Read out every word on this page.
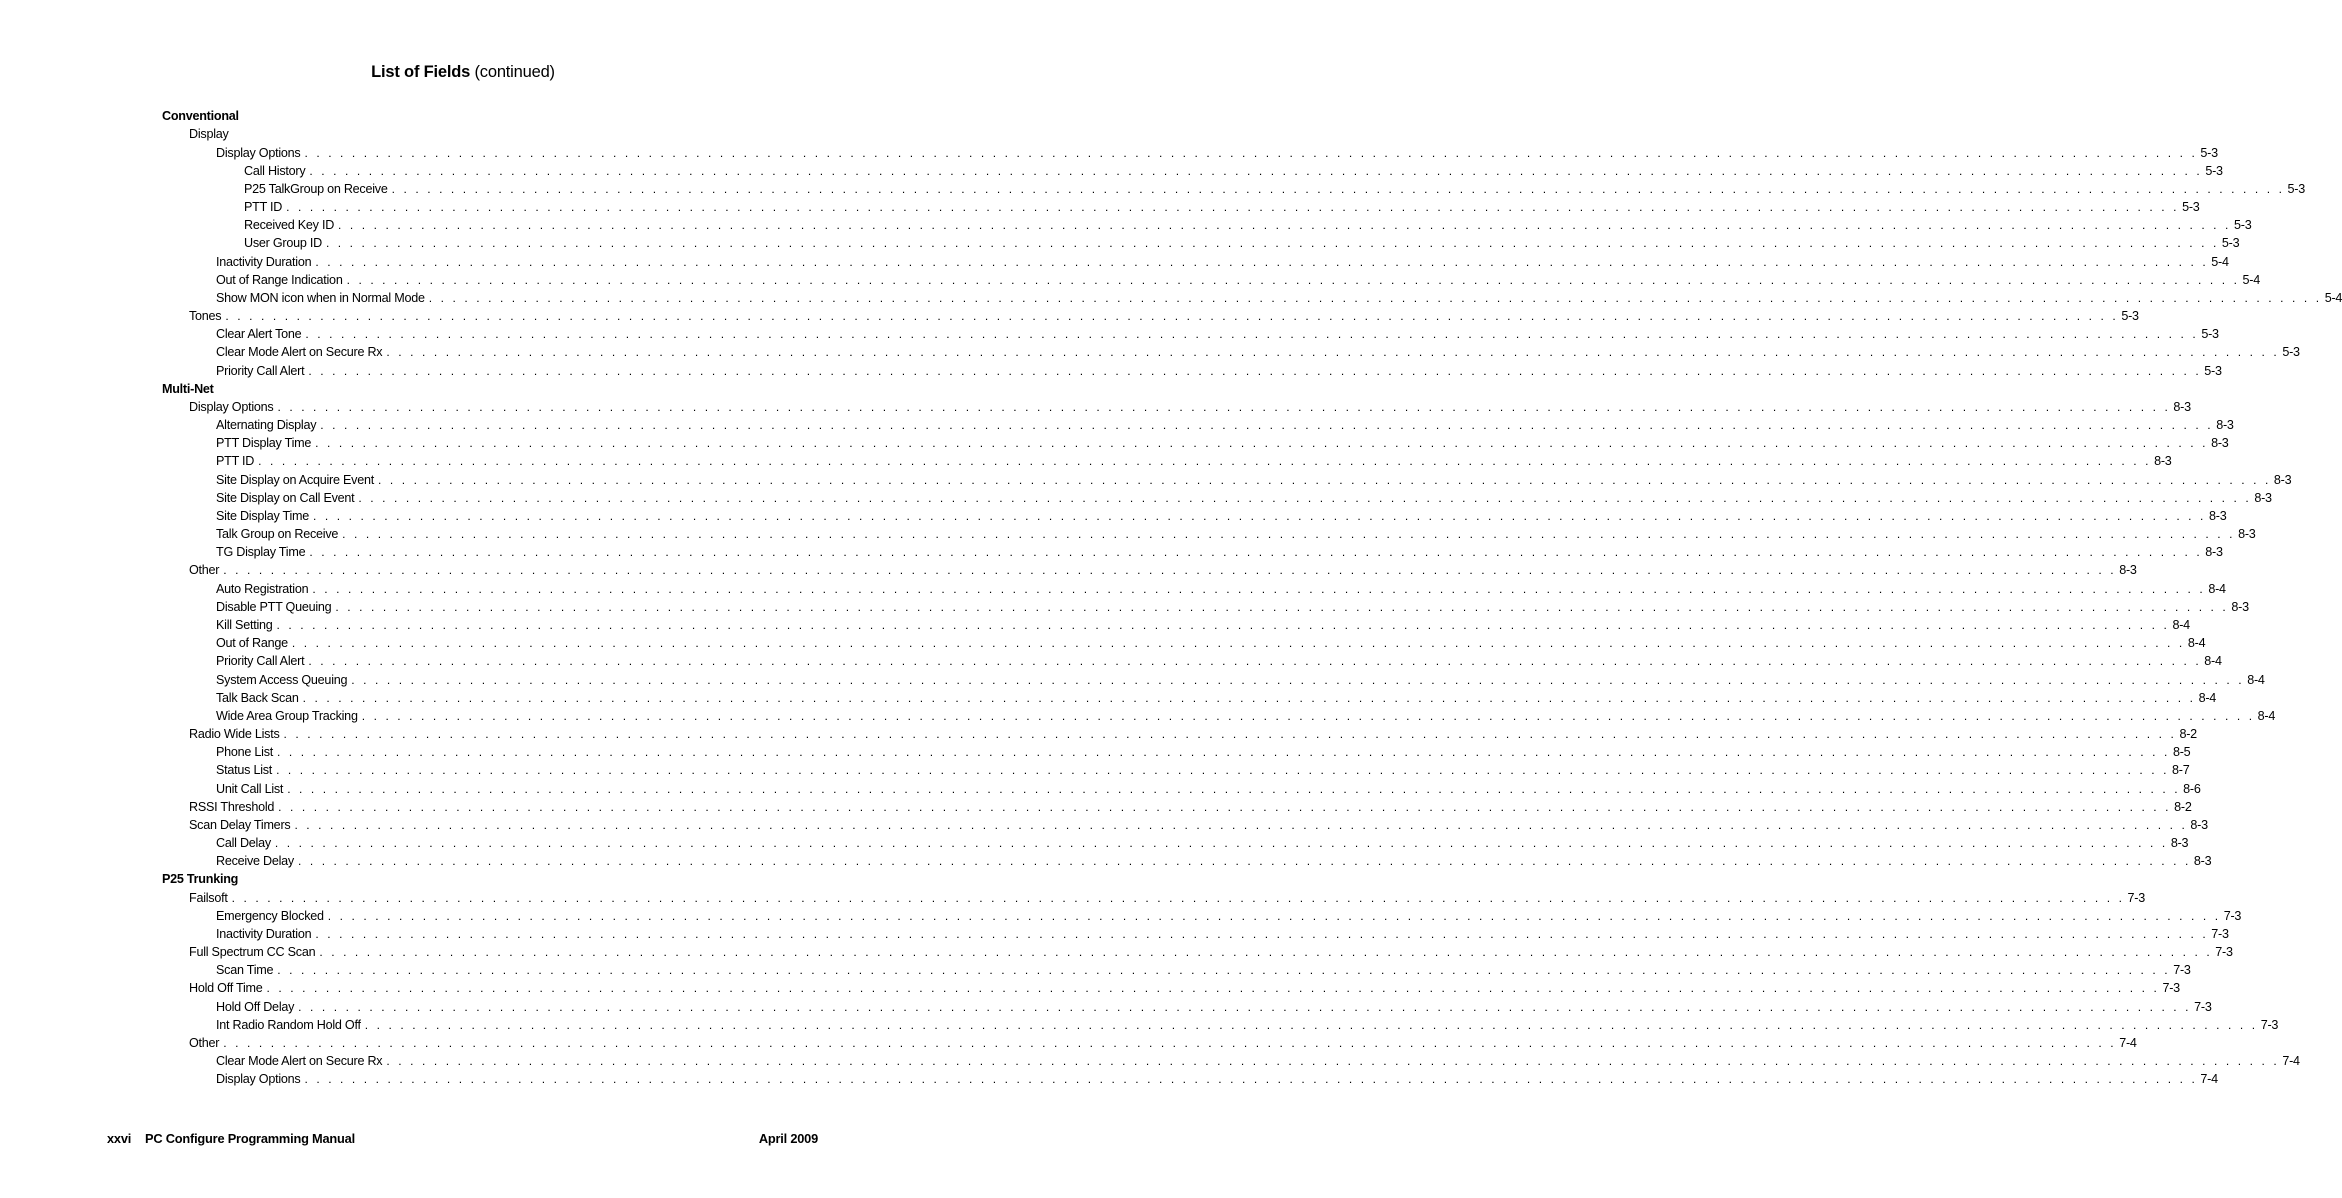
List of Fields (continued)
Conventional
Display
Display Options . . . . . . . . . . . . . . . . . . . . . . . . . . . . . . . . . . . . . . . . . . . . . . . . . . . . . . . . . . . . . . . . . . . . . . . . . . . . . . . . . . . . . . . . . . . . . . . . . . . . . . . . . . . . . . . . . . . . . . . . . . . . . . . . . . . . . . . . . . . . . . . . . . . . . . . . . . . . . . . . 5-3
Call History . . . . . . . . . . . . . . . . . . . . . . . . . . . . . . . . . . . . . . . . . . . . . . . . . . . . . . . . . . . . . . . . . . . . . . . . . . . . . . . . . . . . . . . . . . . . . . . . . . . . . . . . . . . . . . . . . . . . . . . . . . . . . . . . . . . . . . . . . . . . . . . . . . . . . . . . . . . . . . . . 5-3
P25 TalkGroup on Receive . . . . . . . . . . . . . . . . . . . . . . . . . . . . . . . . . . . . . . . . . . . . . . . . . . . . . . . . . . . . . . . . . . . . . . . . . . . . . . . . . . . . . . . . . . . . . . . . . . . . . . . . . . . . . . . . . . . . . . . . . . . . . . . . . . . . . . . . . . . . . . . . . . . . . . . . . . . . . . . . 5-3
PTT ID . . . . . . . . . . . . . . . . . . . . . . . . . . . . . . . . . . . . . . . . . . . . . . . . . . . . . . . . . . . . . . . . . . . . . . . . . . . . . . . . . . . . . . . . . . . . . . . . . . . . . . . . . . . . . . . . . . . . . . . . . . . . . . . . . . . . . . . . . . . . . . . . . . . . . . . . . . . . . . . . 5-3
Received Key ID . . . . . . . . . . . . . . . . . . . . . . . . . . . . . . . . . . . . . . . . . . . . . . . . . . . . . . . . . . . . . . . . . . . . . . . . . . . . . . . . . . . . . . . . . . . . . . . . . . . . . . . . . . . . . . . . . . . . . . . . . . . . . . . . . . . . . . . . . . . . . . . . . . . . . . . . . . . . . . . . 5-3
User Group ID . . . . . . . . . . . . . . . . . . . . . . . . . . . . . . . . . . . . . . . . . . . . . . . . . . . . . . . . . . . . . . . . . . . . . . . . . . . . . . . . . . . . . . . . . . . . . . . . . . . . . . . . . . . . . . . . . . . . . . . . . . . . . . . . . . . . . . . . . . . . . . . . . . . . . . . . . . . . . . . . 5-3
Inactivity Duration . . . . . . . . . . . . . . . . . . . . . . . . . . . . . . . . . . . . . . . . . . . . . . . . . . . . . . . . . . . . . . . . . . . . . . . . . . . . . . . . . . . . . . . . . . . . . . . . . . . . . . . . . . . . . . . . . . . . . . . . . . . . . . . . . . . . . . . . . . . . . . . . . . . . . . . . . . . . . . . . 5-4
Out of Range Indication . . . . . . . . . . . . . . . . . . . . . . . . . . . . . . . . . . . . . . . . . . . . . . . . . . . . . . . . . . . . . . . . . . . . . . . . . . . . . . . . . . . . . . . . . . . . . . . . . . . . . . . . . . . . . . . . . . . . . . . . . . . . . . . . . . . . . . . . . . . . . . . . . . . . . . . . . . . . . . . . 5-4
Show MON icon when in Normal Mode . . . . . . . . . . . . . . . . . . . . . . . . . . . . . . . . . . . . . . . . . . . . . . . . . . . . . . . . . . . . . . . . . . . . . . . . . . . . . . . . . . . . . . . . . . . . . . . . . . . . . . . . . . . . . . . . . . . . . . . . . . . . . . . . . . . . . . . . . . . . . . . . . . . . . . . . . . . . . . . . 5-4
Tones . . . . . . . . . . . . . . . . . . . . . . . . . . . . . . . . . . . . . . . . . . . . . . . . . . . . . . . . . . . . . . . . . . . . . . . . . . . . . . . . . . . . . . . . . . . . . . . . . . . . . . . . . . . . . . . . . . . . . . . . . . . . . . . . . . . . . . . . . . . . . . . . . . . . . . . . . . . . . . . . 5-3
Clear Alert Tone . . . . . . . . . . . . . . . . . . . . . . . . . . . . . . . . . . . . . . . . . . . . . . . . . . . . . . . . . . . . . . . . . . . . . . . . . . . . . . . . . . . . . . . . . . . . . . . . . . . . . . . . . . . . . . . . . . . . . . . . . . . . . . . . . . . . . . . . . . . . . . . . . . . . . . . . . . . . . . . . 5-3
Clear Mode Alert on Secure Rx . . . . . . . . . . . . . . . . . . . . . . . . . . . . . . . . . . . . . . . . . . . . . . . . . . . . . . . . . . . . . . . . . . . . . . . . . . . . . . . . . . . . . . . . . . . . . . . . . . . . . . . . . . . . . . . . . . . . . . . . . . . . . . . . . . . . . . . . . . . . . . . . . . . . . . . . . . . . . . . . 5-3
Priority Call Alert . . . . . . . . . . . . . . . . . . . . . . . . . . . . . . . . . . . . . . . . . . . . . . . . . . . . . . . . . . . . . . . . . . . . . . . . . . . . . . . . . . . . . . . . . . . . . . . . . . . . . . . . . . . . . . . . . . . . . . . . . . . . . . . . . . . . . . . . . . . . . . . . . . . . . . . . . . . . . . . . 5-3
Multi-Net
Display Options . . . . . . . . . . . . . . . . . . . . . . . . . . . . . . . . . . . . . . . . . . . . . . . . . . . . . . . . . . . . . . . . . . . . . . . . . . . . . . . . . . . . . . . . . . . . . . . . . . . . . . . . . . . . . . . . . . . . . . . . . . . . . . . . . . . . . . . . . . . . . . . . . . . . . . . . . . . . . . . . 8-3
Alternating Display . . . . . . . . . . . . . . . . . . . . . . . . . . . . . . . . . . . . . . . . . . . . . . . . . . . . . . . . . . . . . . . . . . . . . . . . . . . . . . . . . . . . . . . . . . . . . . . . . . . . . . . . . . . . . . . . . . . . . . . . . . . . . . . . . . . . . . . . . . . . . . . . . . . . . . . . . . . . . . . . 8-3
PTT Display Time . . . . . . . . . . . . . . . . . . . . . . . . . . . . . . . . . . . . . . . . . . . . . . . . . . . . . . . . . . . . . . . . . . . . . . . . . . . . . . . . . . . . . . . . . . . . . . . . . . . . . . . . . . . . . . . . . . . . . . . . . . . . . . . . . . . . . . . . . . . . . . . . . . . . . . . . . . . . . . . . 8-3
PTT ID . . . . . . . . . . . . . . . . . . . . . . . . . . . . . . . . . . . . . . . . . . . . . . . . . . . . . . . . . . . . . . . . . . . . . . . . . . . . . . . . . . . . . . . . . . . . . . . . . . . . . . . . . . . . . . . . . . . . . . . . . . . . . . . . . . . . . . . . . . . . . . . . . . . . . . . . . . . . . . . . 8-3
Site Display on Acquire Event . . . . . . . . . . . . . . . . . . . . . . . . . . . . . . . . . . . . . . . . . . . . . . . . . . . . . . . . . . . . . . . . . . . . . . . . . . . . . . . . . . . . . . . . . . . . . . . . . . . . . . . . . . . . . . . . . . . . . . . . . . . . . . . . . . . . . . . . . . . . . . . . . . . . . . . . . . . . . . . . 8-3
Site Display on Call Event . . . . . . . . . . . . . . . . . . . . . . . . . . . . . . . . . . . . . . . . . . . . . . . . . . . . . . . . . . . . . . . . . . . . . . . . . . . . . . . . . . . . . . . . . . . . . . . . . . . . . . . . . . . . . . . . . . . . . . . . . . . . . . . . . . . . . . . . . . . . . . . . . . . . . . . . . . . . . . . . 8-3
Site Display Time . . . . . . . . . . . . . . . . . . . . . . . . . . . . . . . . . . . . . . . . . . . . . . . . . . . . . . . . . . . . . . . . . . . . . . . . . . . . . . . . . . . . . . . . . . . . . . . . . . . . . . . . . . . . . . . . . . . . . . . . . . . . . . . . . . . . . . . . . . . . . . . . . . . . . . . . . . . . . . . . 8-3
Talk Group on Receive . . . . . . . . . . . . . . . . . . . . . . . . . . . . . . . . . . . . . . . . . . . . . . . . . . . . . . . . . . . . . . . . . . . . . . . . . . . . . . . . . . . . . . . . . . . . . . . . . . . . . . . . . . . . . . . . . . . . . . . . . . . . . . . . . . . . . . . . . . . . . . . . . . . . . . . . . . . . . . . . 8-3
TG Display Time . . . . . . . . . . . . . . . . . . . . . . . . . . . . . . . . . . . . . . . . . . . . . . . . . . . . . . . . . . . . . . . . . . . . . . . . . . . . . . . . . . . . . . . . . . . . . . . . . . . . . . . . . . . . . . . . . . . . . . . . . . . . . . . . . . . . . . . . . . . . . . . . . . . . . . . . . . . . . . . . 8-3
Other . . . . . . . . . . . . . . . . . . . . . . . . . . . . . . . . . . . . . . . . . . . . . . . . . . . . . . . . . . . . . . . . . . . . . . . . . . . . . . . . . . . . . . . . . . . . . . . . . . . . . . . . . . . . . . . . . . . . . . . . . . . . . . . . . . . . . . . . . . . . . . . . . . . . . . . . . . . . . . . . 8-3
Auto Registration . . . . . . . . . . . . . . . . . . . . . . . . . . . . . . . . . . . . . . . . . . . . . . . . . . . . . . . . . . . . . . . . . . . . . . . . . . . . . . . . . . . . . . . . . . . . . . . . . . . . . . . . . . . . . . . . . . . . . . . . . . . . . . . . . . . . . . . . . . . . . . . . . . . . . . . . . . . . . . . . 8-4
Disable PTT Queuing . . . . . . . . . . . . . . . . . . . . . . . . . . . . . . . . . . . . . . . . . . . . . . . . . . . . . . . . . . . . . . . . . . . . . . . . . . . . . . . . . . . . . . . . . . . . . . . . . . . . . . . . . . . . . . . . . . . . . . . . . . . . . . . . . . . . . . . . . . . . . . . . . . . . . . . . . . . . . . . . 8-3
Kill Setting . . . . . . . . . . . . . . . . . . . . . . . . . . . . . . . . . . . . . . . . . . . . . . . . . . . . . . . . . . . . . . . . . . . . . . . . . . . . . . . . . . . . . . . . . . . . . . . . . . . . . . . . . . . . . . . . . . . . . . . . . . . . . . . . . . . . . . . . . . . . . . . . . . . . . . . . . . . . . . . . 8-4
Out of Range . . . . . . . . . . . . . . . . . . . . . . . . . . . . . . . . . . . . . . . . . . . . . . . . . . . . . . . . . . . . . . . . . . . . . . . . . . . . . . . . . . . . . . . . . . . . . . . . . . . . . . . . . . . . . . . . . . . . . . . . . . . . . . . . . . . . . . . . . . . . . . . . . . . . . . . . . . . . . . . . 8-4
Priority Call Alert . . . . . . . . . . . . . . . . . . . . . . . . . . . . . . . . . . . . . . . . . . . . . . . . . . . . . . . . . . . . . . . . . . . . . . . . . . . . . . . . . . . . . . . . . . . . . . . . . . . . . . . . . . . . . . . . . . . . . . . . . . . . . . . . . . . . . . . . . . . . . . . . . . . . . . . . . . . . . . . . 8-4
System Access Queuing . . . . . . . . . . . . . . . . . . . . . . . . . . . . . . . . . . . . . . . . . . . . . . . . . . . . . . . . . . . . . . . . . . . . . . . . . . . . . . . . . . . . . . . . . . . . . . . . . . . . . . . . . . . . . . . . . . . . . . . . . . . . . . . . . . . . . . . . . . . . . . . . . . . . . . . . . . . . . . . . 8-4
Talk Back Scan . . . . . . . . . . . . . . . . . . . . . . . . . . . . . . . . . . . . . . . . . . . . . . . . . . . . . . . . . . . . . . . . . . . . . . . . . . . . . . . . . . . . . . . . . . . . . . . . . . . . . . . . . . . . . . . . . . . . . . . . . . . . . . . . . . . . . . . . . . . . . . . . . . . . . . . . . . . . . . . . 8-4
Wide Area Group Tracking . . . . . . . . . . . . . . . . . . . . . . . . . . . . . . . . . . . . . . . . . . . . . . . . . . . . . . . . . . . . . . . . . . . . . . . . . . . . . . . . . . . . . . . . . . . . . . . . . . . . . . . . . . . . . . . . . . . . . . . . . . . . . . . . . . . . . . . . . . . . . . . . . . . . . . . . . . . . . . . . 8-4
Radio Wide Lists . . . . . . . . . . . . . . . . . . . . . . . . . . . . . . . . . . . . . . . . . . . . . . . . . . . . . . . . . . . . . . . . . . . . . . . . . . . . . . . . . . . . . . . . . . . . . . . . . . . . . . . . . . . . . . . . . . . . . . . . . . . . . . . . . . . . . . . . . . . . . . . . . . . . . . . . . . . . . . . . 8-2
Phone List . . . . . . . . . . . . . . . . . . . . . . . . . . . . . . . . . . . . . . . . . . . . . . . . . . . . . . . . . . . . . . . . . . . . . . . . . . . . . . . . . . . . . . . . . . . . . . . . . . . . . . . . . . . . . . . . . . . . . . . . . . . . . . . . . . . . . . . . . . . . . . . . . . . . . . . . . . . . . . . . 8-5
Status List . . . . . . . . . . . . . . . . . . . . . . . . . . . . . . . . . . . . . . . . . . . . . . . . . . . . . . . . . . . . . . . . . . . . . . . . . . . . . . . . . . . . . . . . . . . . . . . . . . . . . . . . . . . . . . . . . . . . . . . . . . . . . . . . . . . . . . . . . . . . . . . . . . . . . . . . . . . . . . . . 8-7
Unit Call List . . . . . . . . . . . . . . . . . . . . . . . . . . . . . . . . . . . . . . . . . . . . . . . . . . . . . . . . . . . . . . . . . . . . . . . . . . . . . . . . . . . . . . . . . . . . . . . . . . . . . . . . . . . . . . . . . . . . . . . . . . . . . . . . . . . . . . . . . . . . . . . . . . . . . . . . . . . . . . . . 8-6
RSSI Threshold . . . . . . . . . . . . . . . . . . . . . . . . . . . . . . . . . . . . . . . . . . . . . . . . . . . . . . . . . . . . . . . . . . . . . . . . . . . . . . . . . . . . . . . . . . . . . . . . . . . . . . . . . . . . . . . . . . . . . . . . . . . . . . . . . . . . . . . . . . . . . . . . . . . . . . . . . . . . . . . . 8-2
Scan Delay Timers . . . . . . . . . . . . . . . . . . . . . . . . . . . . . . . . . . . . . . . . . . . . . . . . . . . . . . . . . . . . . . . . . . . . . . . . . . . . . . . . . . . . . . . . . . . . . . . . . . . . . . . . . . . . . . . . . . . . . . . . . . . . . . . . . . . . . . . . . . . . . . . . . . . . . . . . . . . . . . . . 8-3
Call Delay . . . . . . . . . . . . . . . . . . . . . . . . . . . . . . . . . . . . . . . . . . . . . . . . . . . . . . . . . . . . . . . . . . . . . . . . . . . . . . . . . . . . . . . . . . . . . . . . . . . . . . . . . . . . . . . . . . . . . . . . . . . . . . . . . . . . . . . . . . . . . . . . . . . . . . . . . . . . . . . . 8-3
Receive Delay . . . . . . . . . . . . . . . . . . . . . . . . . . . . . . . . . . . . . . . . . . . . . . . . . . . . . . . . . . . . . . . . . . . . . . . . . . . . . . . . . . . . . . . . . . . . . . . . . . . . . . . . . . . . . . . . . . . . . . . . . . . . . . . . . . . . . . . . . . . . . . . . . . . . . . . . . . . . . . . . 8-3
P25 Trunking
Failsoft . . . . . . . . . . . . . . . . . . . . . . . . . . . . . . . . . . . . . . . . . . . . . . . . . . . . . . . . . . . . . . . . . . . . . . . . . . . . . . . . . . . . . . . . . . . . . . . . . . . . . . . . . . . . . . . . . . . . . . . . . . . . . . . . . . . . . . . . . . . . . . . . . . . . . . . . . . . . . . . . 7-3
Emergency Blocked . . . . . . . . . . . . . . . . . . . . . . . . . . . . . . . . . . . . . . . . . . . . . . . . . . . . . . . . . . . . . . . . . . . . . . . . . . . . . . . . . . . . . . . . . . . . . . . . . . . . . . . . . . . . . . . . . . . . . . . . . . . . . . . . . . . . . . . . . . . . . . . . . . . . . . . . . . . . . . . . 7-3
Inactivity Duration . . . . . . . . . . . . . . . . . . . . . . . . . . . . . . . . . . . . . . . . . . . . . . . . . . . . . . . . . . . . . . . . . . . . . . . . . . . . . . . . . . . . . . . . . . . . . . . . . . . . . . . . . . . . . . . . . . . . . . . . . . . . . . . . . . . . . . . . . . . . . . . . . . . . . . . . . . . . . . . . 7-3
Full Spectrum CC Scan . . . . . . . . . . . . . . . . . . . . . . . . . . . . . . . . . . . . . . . . . . . . . . . . . . . . . . . . . . . . . . . . . . . . . . . . . . . . . . . . . . . . . . . . . . . . . . . . . . . . . . . . . . . . . . . . . . . . . . . . . . . . . . . . . . . . . . . . . . . . . . . . . . . . . . . . . . . . . . . . 7-3
Scan Time . . . . . . . . . . . . . . . . . . . . . . . . . . . . . . . . . . . . . . . . . . . . . . . . . . . . . . . . . . . . . . . . . . . . . . . . . . . . . . . . . . . . . . . . . . . . . . . . . . . . . . . . . . . . . . . . . . . . . . . . . . . . . . . . . . . . . . . . . . . . . . . . . . . . . . . . . . . . . . . . 7-3
Hold Off Time . . . . . . . . . . . . . . . . . . . . . . . . . . . . . . . . . . . . . . . . . . . . . . . . . . . . . . . . . . . . . . . . . . . . . . . . . . . . . . . . . . . . . . . . . . . . . . . . . . . . . . . . . . . . . . . . . . . . . . . . . . . . . . . . . . . . . . . . . . . . . . . . . . . . . . . . . . . . . . . . 7-3
Hold Off Delay . . . . . . . . . . . . . . . . . . . . . . . . . . . . . . . . . . . . . . . . . . . . . . . . . . . . . . . . . . . . . . . . . . . . . . . . . . . . . . . . . . . . . . . . . . . . . . . . . . . . . . . . . . . . . . . . . . . . . . . . . . . . . . . . . . . . . . . . . . . . . . . . . . . . . . . . . . . . . . . . 7-3
Int Radio Random Hold Off . . . . . . . . . . . . . . . . . . . . . . . . . . . . . . . . . . . . . . . . . . . . . . . . . . . . . . . . . . . . . . . . . . . . . . . . . . . . . . . . . . . . . . . . . . . . . . . . . . . . . . . . . . . . . . . . . . . . . . . . . . . . . . . . . . . . . . . . . . . . . . . . . . . . . . . . . . . . . . . . 7-3
Other . . . . . . . . . . . . . . . . . . . . . . . . . . . . . . . . . . . . . . . . . . . . . . . . . . . . . . . . . . . . . . . . . . . . . . . . . . . . . . . . . . . . . . . . . . . . . . . . . . . . . . . . . . . . . . . . . . . . . . . . . . . . . . . . . . . . . . . . . . . . . . . . . . . . . . . . . . . . . . . . 7-4
Clear Mode Alert on Secure Rx . . . . . . . . . . . . . . . . . . . . . . . . . . . . . . . . . . . . . . . . . . . . . . . . . . . . . . . . . . . . . . . . . . . . . . . . . . . . . . . . . . . . . . . . . . . . . . . . . . . . . . . . . . . . . . . . . . . . . . . . . . . . . . . . . . . . . . . . . . . . . . . . . . . . . . . . . . . . . . . . 7-4
Display Options . . . . . . . . . . . . . . . . . . . . . . . . . . . . . . . . . . . . . . . . . . . . . . . . . . . . . . . . . . . . . . . . . . . . . . . . . . . . . . . . . . . . . . . . . . . . . . . . . . . . . . . . . . . . . . . . . . . . . . . . . . . . . . . . . . . . . . . . . . . . . . . . . . . . . . . . . . . . . . . . 7-4
xxvi PC Configure Programming Manual	April 2009
